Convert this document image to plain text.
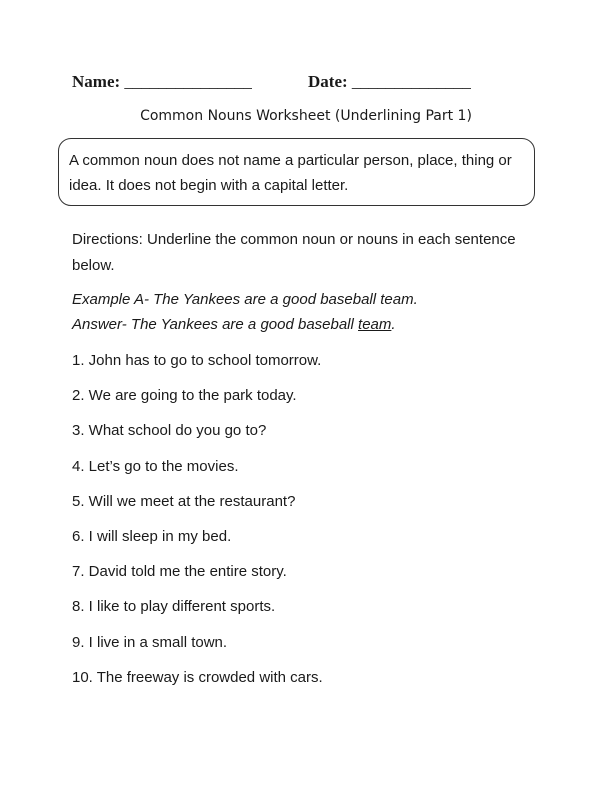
Name: _______________	Date: ______________
Common Nouns Worksheet (Underlining Part 1)
A common noun does not name a particular person, place, thing or idea. It does not begin with a capital letter.
Directions: Underline the common noun or nouns in each sentence below.
Example A- The Yankees are a good baseball team.
Answer- The Yankees are a good baseball team.
1. John has to go to school tomorrow.
2. We are going to the park today.
3. What school do you go to?
4. Let’s go to the movies.
5. Will we meet at the restaurant?
6. I will sleep in my bed.
7. David told me the entire story.
8. I like to play different sports.
9. I live in a small town.
10. The freeway is crowded with cars.
